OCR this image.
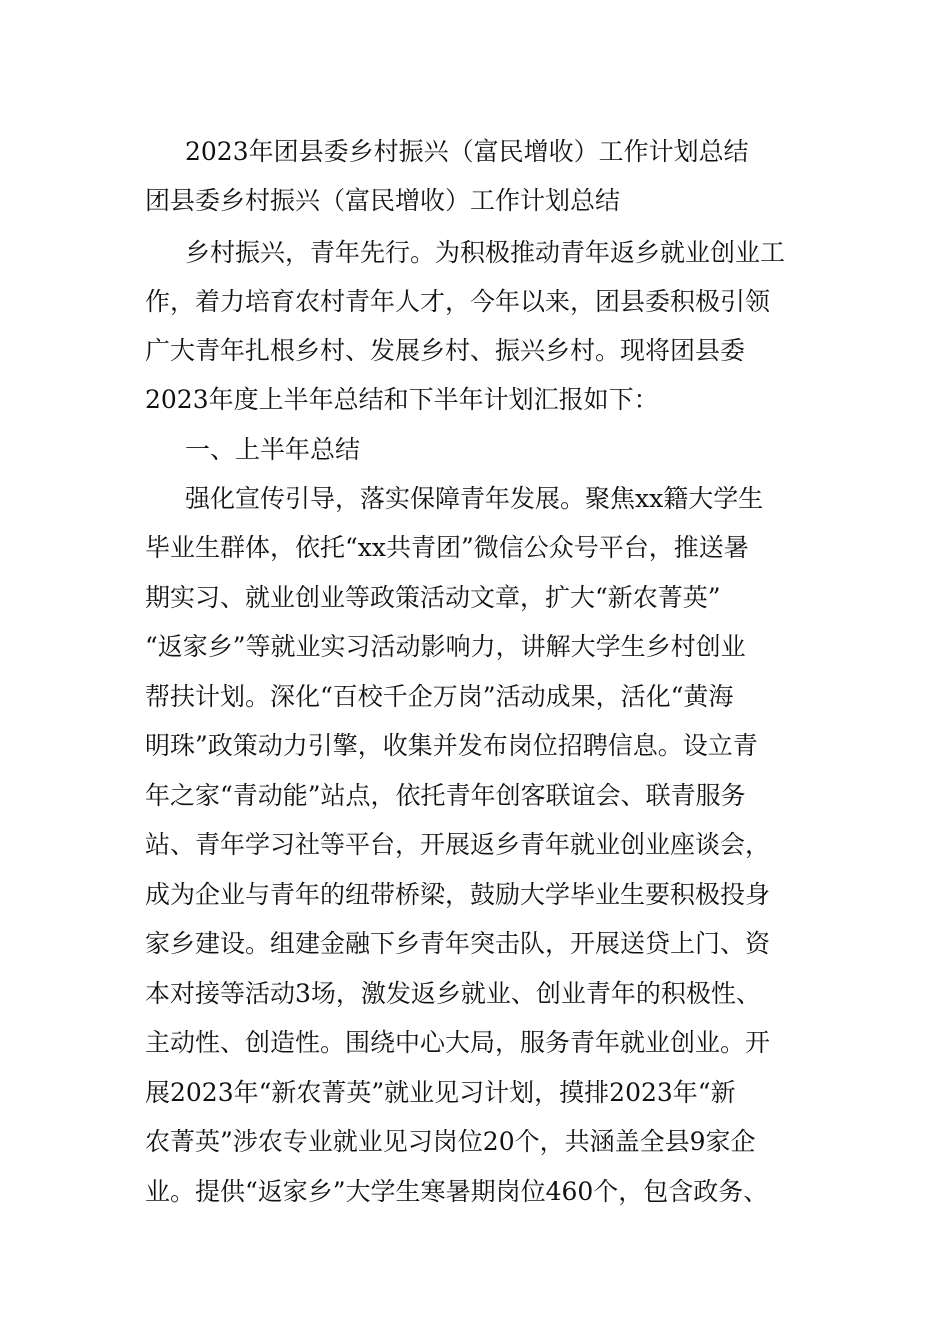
2023年团县委乡村振兴（富民增收）工作计划总结
团县委乡村振兴（富民增收）工作计划总结
乡村振兴，青年先行。为积极推动青年返乡就业创业工
作，着力培育农村青年人才，今年以来，团县委积极引领
广大青年扎根乡村、发展乡村、振兴乡村。现将团县委
2023年度上半年总结和下半年计划汇报如下：
一、上半年总结
强化宣传引导，落实保障青年发展。聚焦xx籍大学生
毕业生群体，依托“xx共青团”微信公众号平台，推送暑
期实习、就业创业等政策活动文章，扩大“新农菁英”
“返家乡”等就业实习活动影响力，讲解大学生乡村创业
帮扶计划。深化“百校千企万岗”活动成果，活化“黄海
明珠”政策动力引擎，收集并发布岗位招聘信息。设立青
年之家“青动能”站点，依托青年创客联谊会、联青服务
站、青年学习社等平台，开展返乡青年就业创业座谈会，
成为企业与青年的纽带桥梁，鼓励大学毕业生要积极投身
家乡建设。组建金融下乡青年突击队，开展送贷上门、资
本对接等活动3场，激发返乡就业、创业青年的积极性、
主动性、创造性。围绕中心大局，服务青年就业创业。开
展2023年“新农菁英”就业见习计划，摸排2023年“新
农菁英”涉农专业就业见习岗位20个，共涵盖全县9家企
业。提供“返家乡”大学生寒暑期岗位460个，包含政务、
